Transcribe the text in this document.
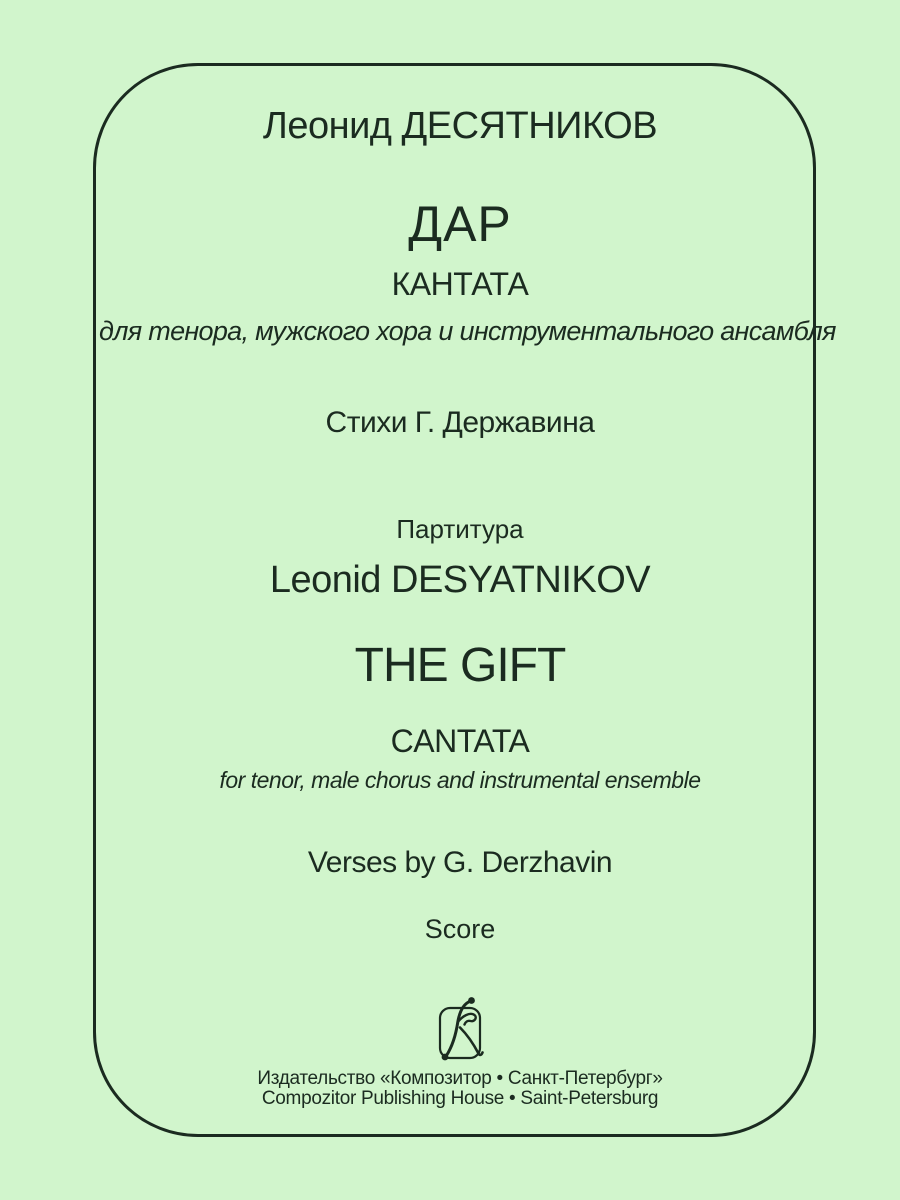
Леонид ДЕСЯТНИКОВ
ДАР
КАНТАТА
для тенора, мужского хора и инструментального ансамбля
Стихи Г. Державина
Партитура
Leonid DESYATNIKOV
THE GIFT
CANTATA
for tenor, male chorus and instrumental ensemble
Verses by G. Derzhavin
Score
Издательство «Композитор • Санкт-Петербург»
Compozitor Publishing House • Saint-Petersburg
